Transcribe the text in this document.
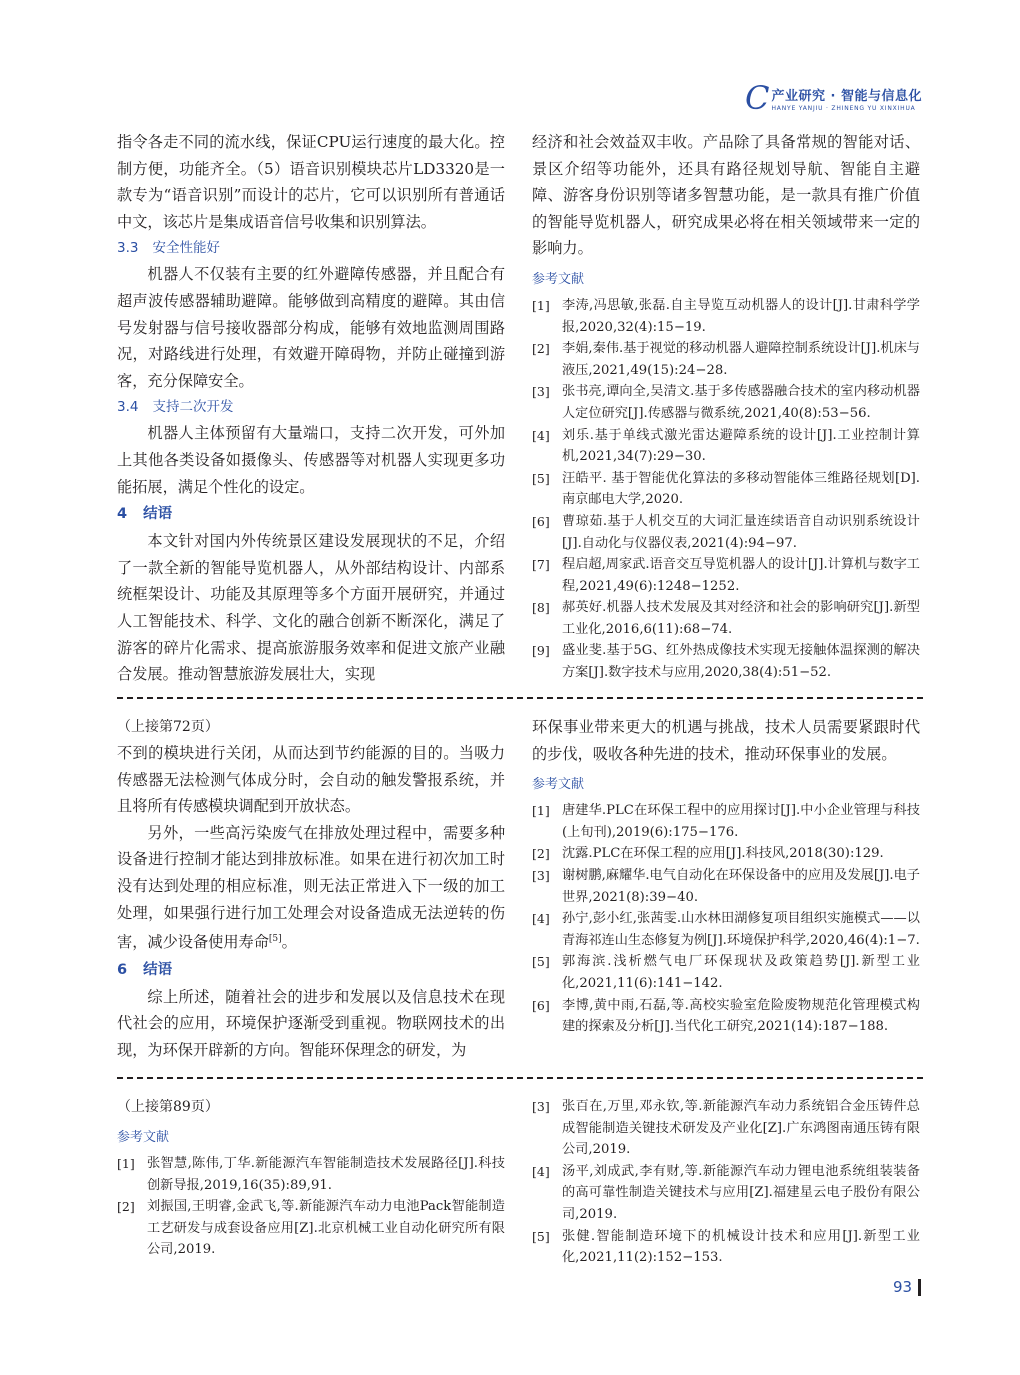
C 产业研究 · 智能与信息化
HANYE YANJIU · ZHINENG YU XINXIHUA

指令各走不同的流水线，保证CPU运行速度的最大化。控制方便，功能齐全。（5）语音识别模块芯片LD3320是一款专为“语音识别”而设计的芯片，它可以识别所有普通话中文，该芯片是集成语音信号收集和识别算法。

3.3 安全性能好

机器人不仅装有主要的红外避障传感器，并且配合有超声波传感器辅助避障。能够做到高精度的避障。其由信号发射器与信号接收器部分构成，能够有效地监测周围路况，对路线进行处理，有效避开障碍物，并防止碰撞到游客，充分保障安全。

3.4 支持二次开发

机器人主体预留有大量端口，支持二次开发，可外加上其他各类设备如摄像头、传感器等对机器人实现更多功能拓展，满足个性化的设定。

4 结语

本文针对国内外传统景区建设发展现状的不足，介绍了一款全新的智能导览机器人，从外部结构设计、内部系统框架设计、功能及其原理等多个方面开展研究，并通过人工智能技术、科学、文化的融合创新不断深化，满足了游客的碎片化需求、提高旅游服务效率和促进文旅产业融合发展。推动智慧旅游发展壮大，实现

经济和社会效益双丰收。产品除了具备常规的智能对话、景区介绍等功能外，还具有路径规划导航、智能自主避障、游客身份识别等诸多智慧功能，是一款具有推广价值的智能导览机器人，研究成果必将在相关领域带来一定的影响力。

参考文献
[1] 李涛,冯思敏,张磊.自主导览互动机器人的设计[J].甘肃科学学报,2020,32(4):15−19.
[2] 李娟,秦伟.基于视觉的移动机器人避障控制系统设计[J].机床与液压,2021,49(15):24−28.
[3] 张书亮,谭向全,吴清文.基于多传感器融合技术的室内移动机器人定位研究[J].传感器与微系统,2021,40(8):53−56.
[4] 刘乐.基于单线式激光雷达避障系统的设计[J].工业控制计算机,2021,34(7):29−30.
[5] 汪皓平. 基于智能优化算法的多移动智能体三维路径规划[D].南京邮电大学,2020.
[6] 曹琼茹.基于人机交互的大词汇量连续语音自动识别系统设计[J].自动化与仪器仪表,2021(4):94−97.
[7] 程启超,周家武.语音交互导览机器人的设计[J].计算机与数字工程,2021,49(6):1248−1252.
[8] 郝英好.机器人技术发展及其对经济和社会的影响研究[J].新型工业化,2016,6(11):68−74.
[9] 盛业斐.基于5G、红外热成像技术实现无接触体温探测的解决方案[J].数字技术与应用,2020,38(4):51−52.
（上接第72页）

不到的模块进行关闭，从而达到节约能源的目的。当吸力传感器无法检测气体成分时，会自动的触发警报系统，并且将所有传感模块调配到开放状态。

另外，一些高污染废气在排放处理过程中，需要多种设备进行控制才能达到排放标准。如果在进行初次加工时没有达到处理的相应标准，则无法正常进入下一级的加工处理，如果强行进行加工处理会对设备造成无法逆转的伤害，减少设备使用寿命[5]。

6 结语

综上所述，随着社会的进步和发展以及信息技术在现代社会的应用，环境保护逐渐受到重视。物联网技术的出现，为环保开辟新的方向。智能环保理念的研发，为

环保事业带来更大的机遇与挑战，技术人员需要紧跟时代的步伐，吸收各种先进的技术，推动环保事业的发展。

参考文献
[1] 唐建华.PLC在环保工程中的应用探讨[J].中小企业管理与科技(上旬刊),2019(6):175−176.
[2] 沈露.PLC在环保工程的应用[J].科技风,2018(30):129.
[3] 谢树鹏,麻耀华.电气自动化在环保设备中的应用及发展[J].电子世界,2021(8):39−40.
[4] 孙宁,彭小红,张茜雯.山水林田湖修复项目组织实施模式——以青海祁连山生态修复为例[J].环境保护科学,2020,46(4):1−7.
[5] 郭海滨.浅析燃气电厂环保现状及政策趋势[J].新型工业化,2021,11(6):141−142.
[6] 李博,黄中雨,石磊,等.高校实验室危险废物规范化管理模式构建的探索及分析[J].当代化工研究,2021(14):187−188.
（上接第89页）
参考文献
[1] 张智慧,陈伟,丁华.新能源汽车智能制造技术发展路径[J].科技创新导报,2019,16(35):89,91.
[2] 刘振国,王明睿,金武飞,等.新能源汽车动力电池Pack智能制造工艺研发与成套设备应用[Z].北京机械工业自动化研究所有限公司,2019.
[3] 张百在,万里,邓永钦,等.新能源汽车动力系统铝合金压铸件总成智能制造关键技术研发及产业化[Z].广东鸿图南通压铸有限公司,2019.
[4] 汤平,刘成武,李有财,等.新能源汽车动力锂电池系统组装装备的高可靠性制造关键技术与应用[Z].福建星云电子股份有限公司,2019.
[5] 张健.智能制造环境下的机械设计技术和应用[J].新型工业化,2021,11(2):152−153.
93
